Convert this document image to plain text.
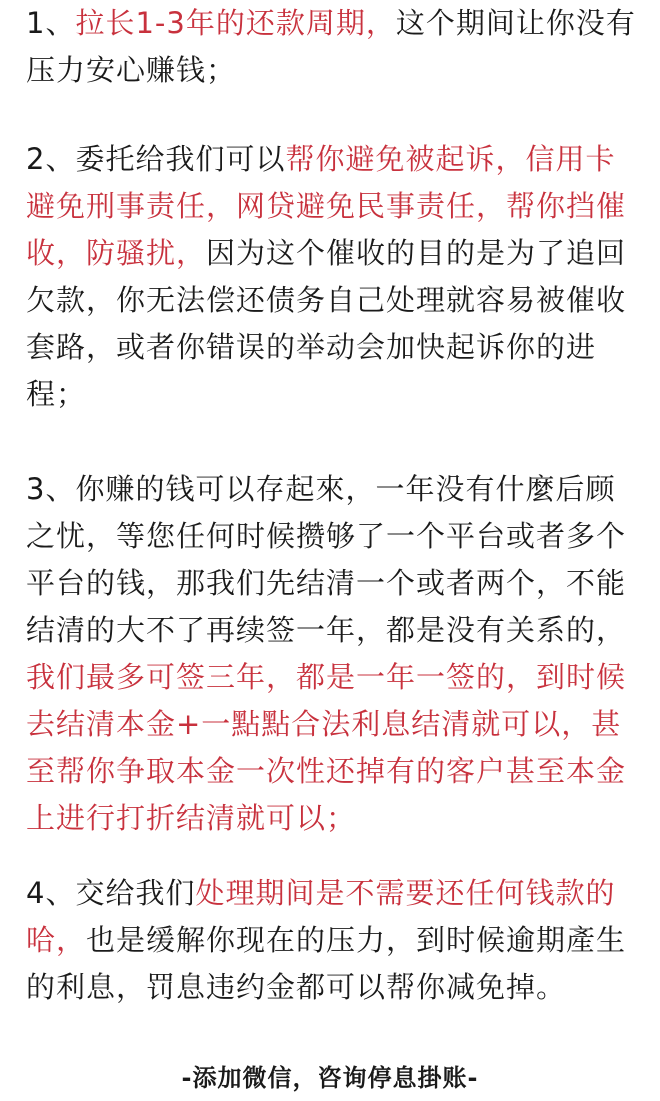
1、拉长1-3年的还款周期，这个期间让你没有压力安心赚钱；

2、委托给我们可以帮你避免被起诉，信用卡避免刑事责任，网贷避免民事责任，帮你挡催收，防骚扰，因为这个催收的目的是为了追回欠款，你无法偿还债务自己处理就容易被催收套路，或者你错误的举动会加快起诉你的进程；

3、你赚的钱可以存起來，一年没有什麼后顾之忧，等您任何时候攒够了一个平台或者多个平台的钱，那我们先结清一个或者两个，不能结清的大不了再续签一年，都是没有关系的，我们最多可签三年，都是一年一签的，到时候去结清本金+一點點合法利息结清就可以，甚至帮你争取本金一次性还掉有的客户甚至本金上进行打折结清就可以；

4、交给我们处理期间是不需要还任何钱款的哈，也是缓解你现在的压力，到时候逾期產生的利息，罚息违约金都可以帮你减免掉。

-添加微信，咨询停息掛账-
